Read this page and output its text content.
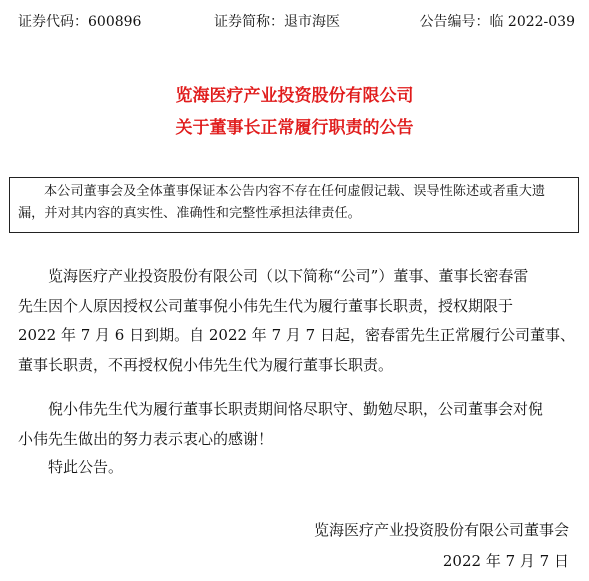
证券代码：600896	证券简称：退市海医	公告编号：临 2022-039
览海医疗产业投资股份有限公司
关于董事长正常履行职责的公告
本公司董事会及全体董事保证本公告内容不存在任何虚假记载、误导性陈述或者重大遗
漏，并对其内容的真实性、准确性和完整性承担法律责任。
览海医疗产业投资股份有限公司（以下简称“公司”）董事、董事长密春雷
先生因个人原因授权公司董事倪小伟先生代为履行董事长职责，授权期限于
2022 年 7 月 6 日到期。自 2022 年 7 月 7 日起，密春雷先生正常履行公司董事、
董事长职责，不再授权倪小伟先生代为履行董事长职责。
倪小伟先生代为履行董事长职责期间恪尽职守、勤勉尽职，公司董事会对倪
小伟先生做出的努力表示衷心的感谢！
特此公告。
览海医疗产业投资股份有限公司董事会
2022 年 7 月 7 日
